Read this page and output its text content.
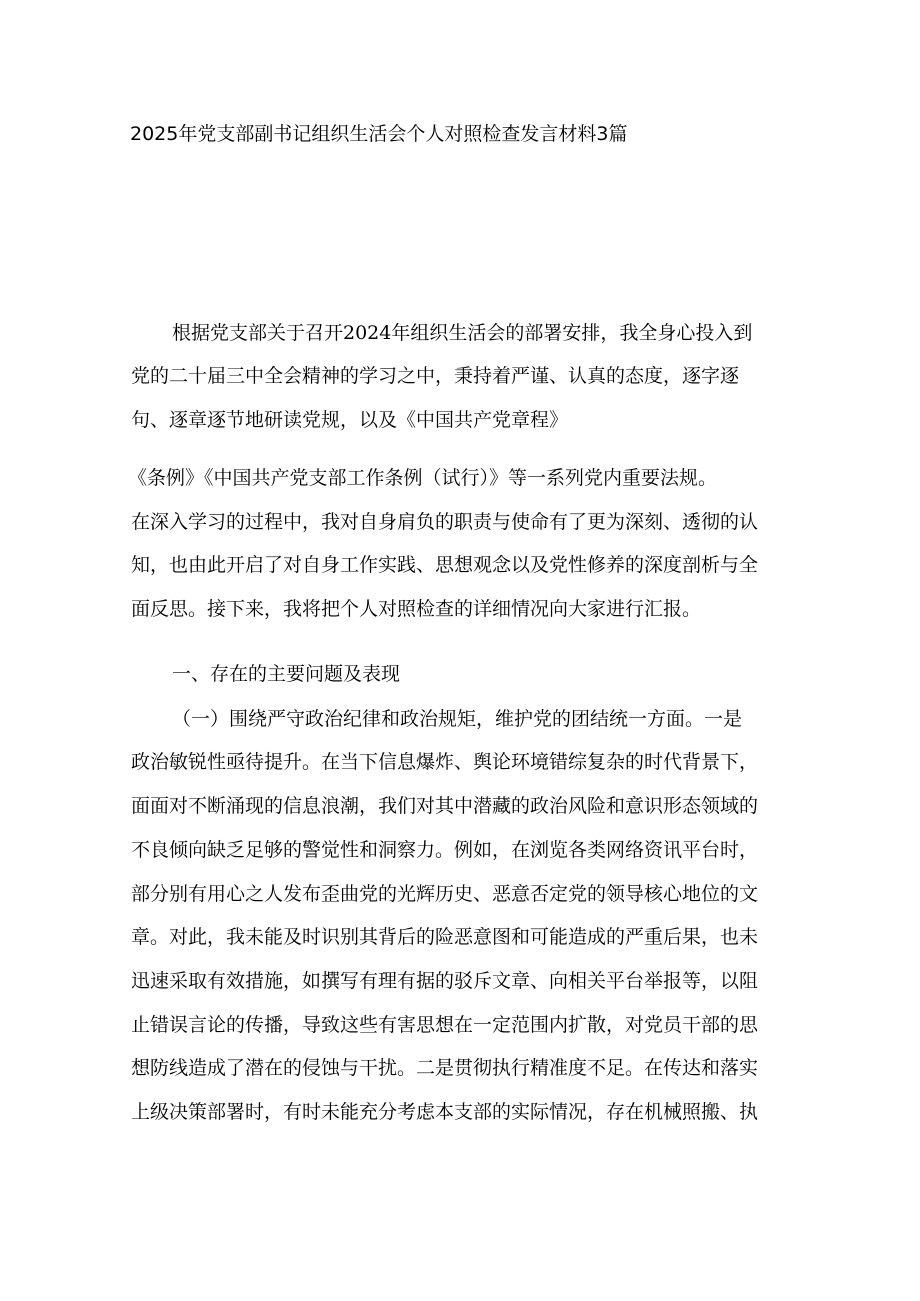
2025年党支部副书记组织生活会个人对照检查发言材料3篇

根据党支部关于召开2024年组织生活会的部署安排，我全身心投入到

党的二十届三中全会精神的学习之中，秉持着严谨、认真的态度，逐字逐

句、逐章逐节地研读党规，以及《中国共产党章程》

《条例》《中国共产党支部工作条例（试行）》等一系列党内重要法规。

在深入学习的过程中，我对自身肩负的职责与使命有了更为深刻、透彻的认

知，也由此开启了对自身工作实践、思想观念以及党性修养的深度剖析与全

面反思。接下来，我将把个人对照检查的详细情况向大家进行汇报。

一、存在的主要问题及表现

（一）围绕严守政治纪律和政治规矩，维护党的团结统一方面。一是

政治敏锐性亟待提升。在当下信息爆炸、舆论环境错综复杂的时代背景下，

面面对不断涌现的信息浪潮，我们对其中潜藏的政治风险和意识形态领域的

不良倾向缺乏足够的警觉性和洞察力。例如，在浏览各类网络资讯平台时，

部分别有用心之人发布歪曲党的光辉历史、恶意否定党的领导核心地位的文

章。对此，我未能及时识别其背后的险恶意图和可能造成的严重后果，也未

迅速采取有效措施，如撰写有理有据的驳斥文章、向相关平台举报等，以阻

止错误言论的传播，导致这些有害思想在一定范围内扩散，对党员干部的思

想防线造成了潜在的侵蚀与干扰。二是贯彻执行精准度不足。在传达和落实

上级决策部署时，有时未能充分考虑本支部的实际情况，存在机械照搬、执
